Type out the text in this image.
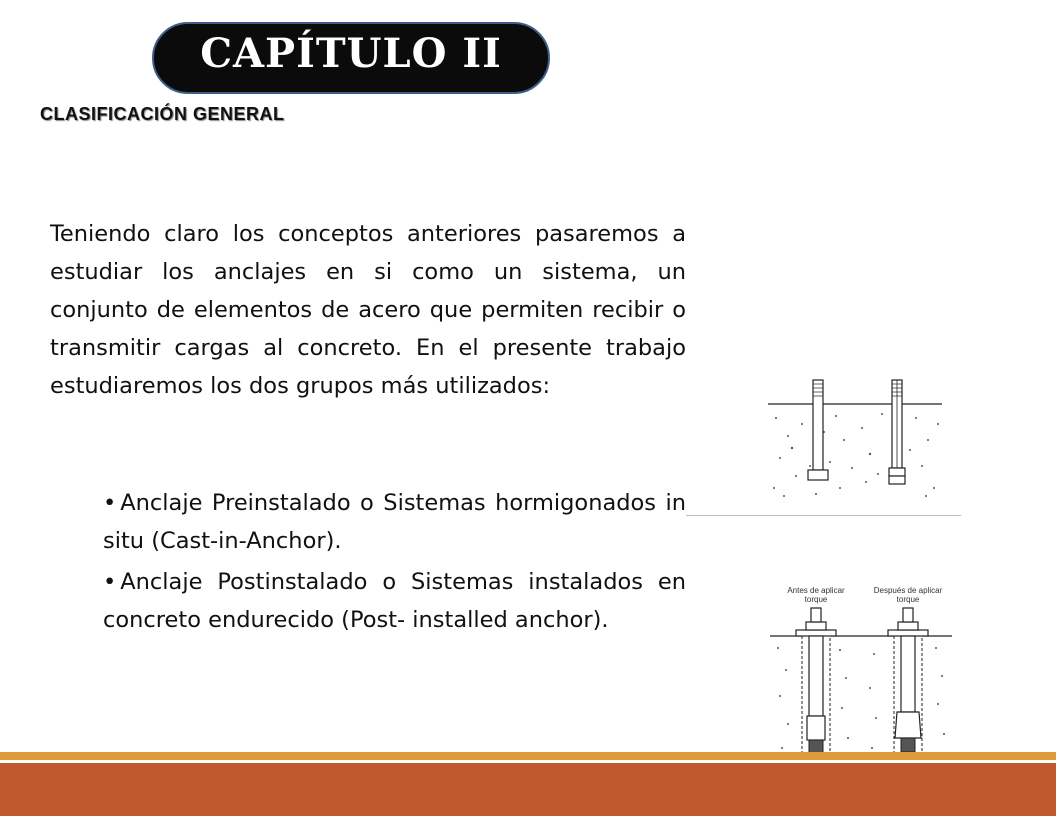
CAPÍTULO II
CLASIFICACIÓN GENERAL
Teniendo claro los conceptos anteriores pasaremos a estudiar los anclajes en si como un sistema, un conjunto de elementos de acero que permiten recibir o transmitir cargas al concreto. En el presente trabajo estudiaremos los dos grupos más utilizados:
• Anclaje Preinstalado o Sistemas hormigonados in situ (Cast-in-Anchor).
• Anclaje Postinstalado o Sistemas instalados en concreto endurecido (Post- installed anchor).
Antes de aplicar
torque
Después de aplicar
torque
